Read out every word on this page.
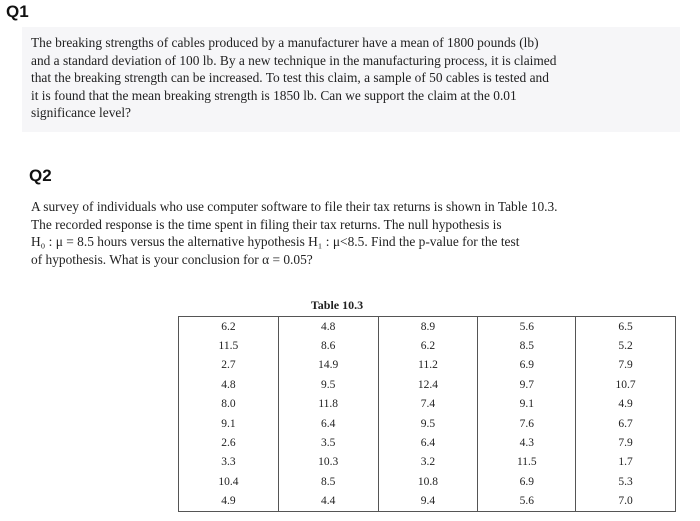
Q1
The breaking strengths of cables produced by a manufacturer have a mean of 1800 pounds (lb)
and a standard deviation of 100 lb. By a new technique in the manufacturing process, it is claimed
that the breaking strength can be increased. To test this claim, a sample of 50 cables is tested and
it is found that the mean breaking strength is 1850 lb. Can we support the claim at the 0.01
significance level?
Q2
A survey of individuals who use computer software to file their tax returns is shown in Table 10.3.
The recorded response is the time spent in filing their tax returns. The null hypothesis is
H₀ : μ = 8.5 hours versus the alternative hypothesis H₁ : μ<8.5. Find the p-value for the test
of hypothesis. What is your conclusion for α = 0.05?
Table 10.3
6.2	4.8	8.9	5.6	6.5
11.5	8.6	6.2	8.5	5.2
2.7	14.9	11.2	6.9	7.9
4.8	9.5	12.4	9.7	10.7
8.0	11.8	7.4	9.1	4.9
9.1	6.4	9.5	7.6	6.7
2.6	3.5	6.4	4.3	7.9
3.3	10.3	3.2	11.5	1.7
10.4	8.5	10.8	6.9	5.3
4.9	4.4	9.4	5.6	7.0
